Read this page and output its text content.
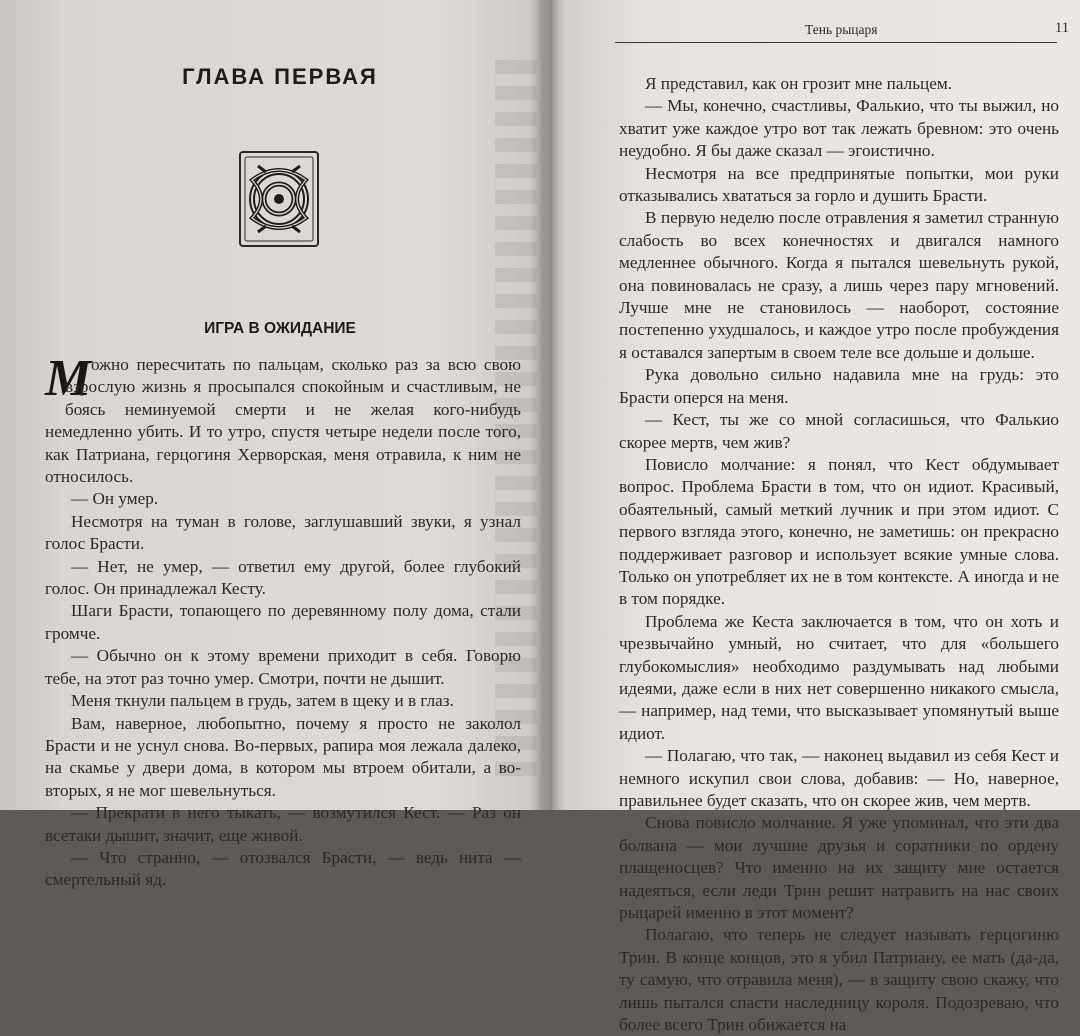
ГЛАВА ПЕРВАЯ
ИГРА В ОЖИДАНИЕ

Можно пересчитать по пальцам, сколько раз за всю свою взрослую жизнь я просыпался спокойным и счастливым, не боясь неминуемой смерти и не желая кого-нибудь немедленно убить. И то утро, спустя четыре недели после того, как Патриана, герцогиня Херворская, меня отравила, к ним не относилось.

— Он умер.

Несмотря на туман в голове, заглушавший звуки, я узнал голос Брасти.

— Нет, не умер, — ответил ему другой, более глубокий голос. Он принадлежал Кесту.

Шаги Брасти, топающего по деревянному полу дома, стали громче.

— Обычно он к этому времени приходит в себя. Говорю тебе, на этот раз точно умер. Смотри, почти не дышит.

Меня ткнули пальцем в грудь, затем в щеку и в глаз.

Вам, наверное, любопытно, почему я просто не заколол Брасти и не уснул снова. Во-первых, рапира моя лежала далеко, на скамье у двери дома, в котором мы втроем обитали, а во-вторых, я не мог шевельнуться.

— Прекрати в него тыкать, — возмутился Кест. — Раз он всетаки дышит, значит, еще живой.

— Что странно, — отозвался Брасти, — ведь нита — смертельный яд.

Тень рыцаря	11

Я представил, как он грозит мне пальцем.

— Мы, конечно, счастливы, Фалькио, что ты выжил, но хватит уже каждое утро вот так лежать бревном: это очень неудобно. Я бы даже сказал — эгоистично.

Несмотря на все предпринятые попытки, мои руки отказывались хвататься за горло и душить Брасти.

В первую неделю после отравления я заметил странную слабость во всех конечностях и двигался намного медленнее обычного. Когда я пытался шевельнуть рукой, она повиновалась не сразу, а лишь через пару мгновений. Лучше мне не становилось — наоборот, состояние постепенно ухудшалось, и каждое утро после пробуждения я оставался запертым в своем теле все дольше и дольше.

Рука довольно сильно надавила мне на грудь: это Брасти оперся на меня.

— Кест, ты же со мной согласишься, что Фалькио скорее мертв, чем жив?

Повисло молчание: я понял, что Кест обдумывает вопрос. Проблема Брасти в том, что он идиот. Красивый, обаятельный, самый меткий лучник и при этом идиот. С первого взгляда этого, конечно, не заметишь: он прекрасно поддерживает разговор и использует всякие умные слова. Только он употребляет их не в том контексте. А иногда и не в том порядке.

Проблема же Кеста заключается в том, что он хоть и чрезвычайно умный, но считает, что для «большего глубокомыслия» необходимо раздумывать над любыми идеями, даже если в них нет совершенно никакого смысла, — например, над теми, что высказывает упомянутый выше идиот.

— Полагаю, что так, — наконец выдавил из себя Кест и немного искупил свои слова, добавив: — Но, наверное, правильнее будет сказать, что он скорее жив, чем мертв.

Снова повисло молчание. Я уже упоминал, что эти два болвана — мои лучшие друзья и соратники по ордену плащеносцев? Что именно на их защиту мне остается надеяться, если леди Трин решит натравить на нас своих рыцарей именно в этот момент?

Полагаю, что теперь не следует называть герцогиню Трин. В конце концов, это я убил Патриану, ее мать (да-да, ту самую, что отравила меня), — в защиту свою скажу, что лишь пытался спасти наследницу короля. Подозреваю, что более всего Трин обижается на
